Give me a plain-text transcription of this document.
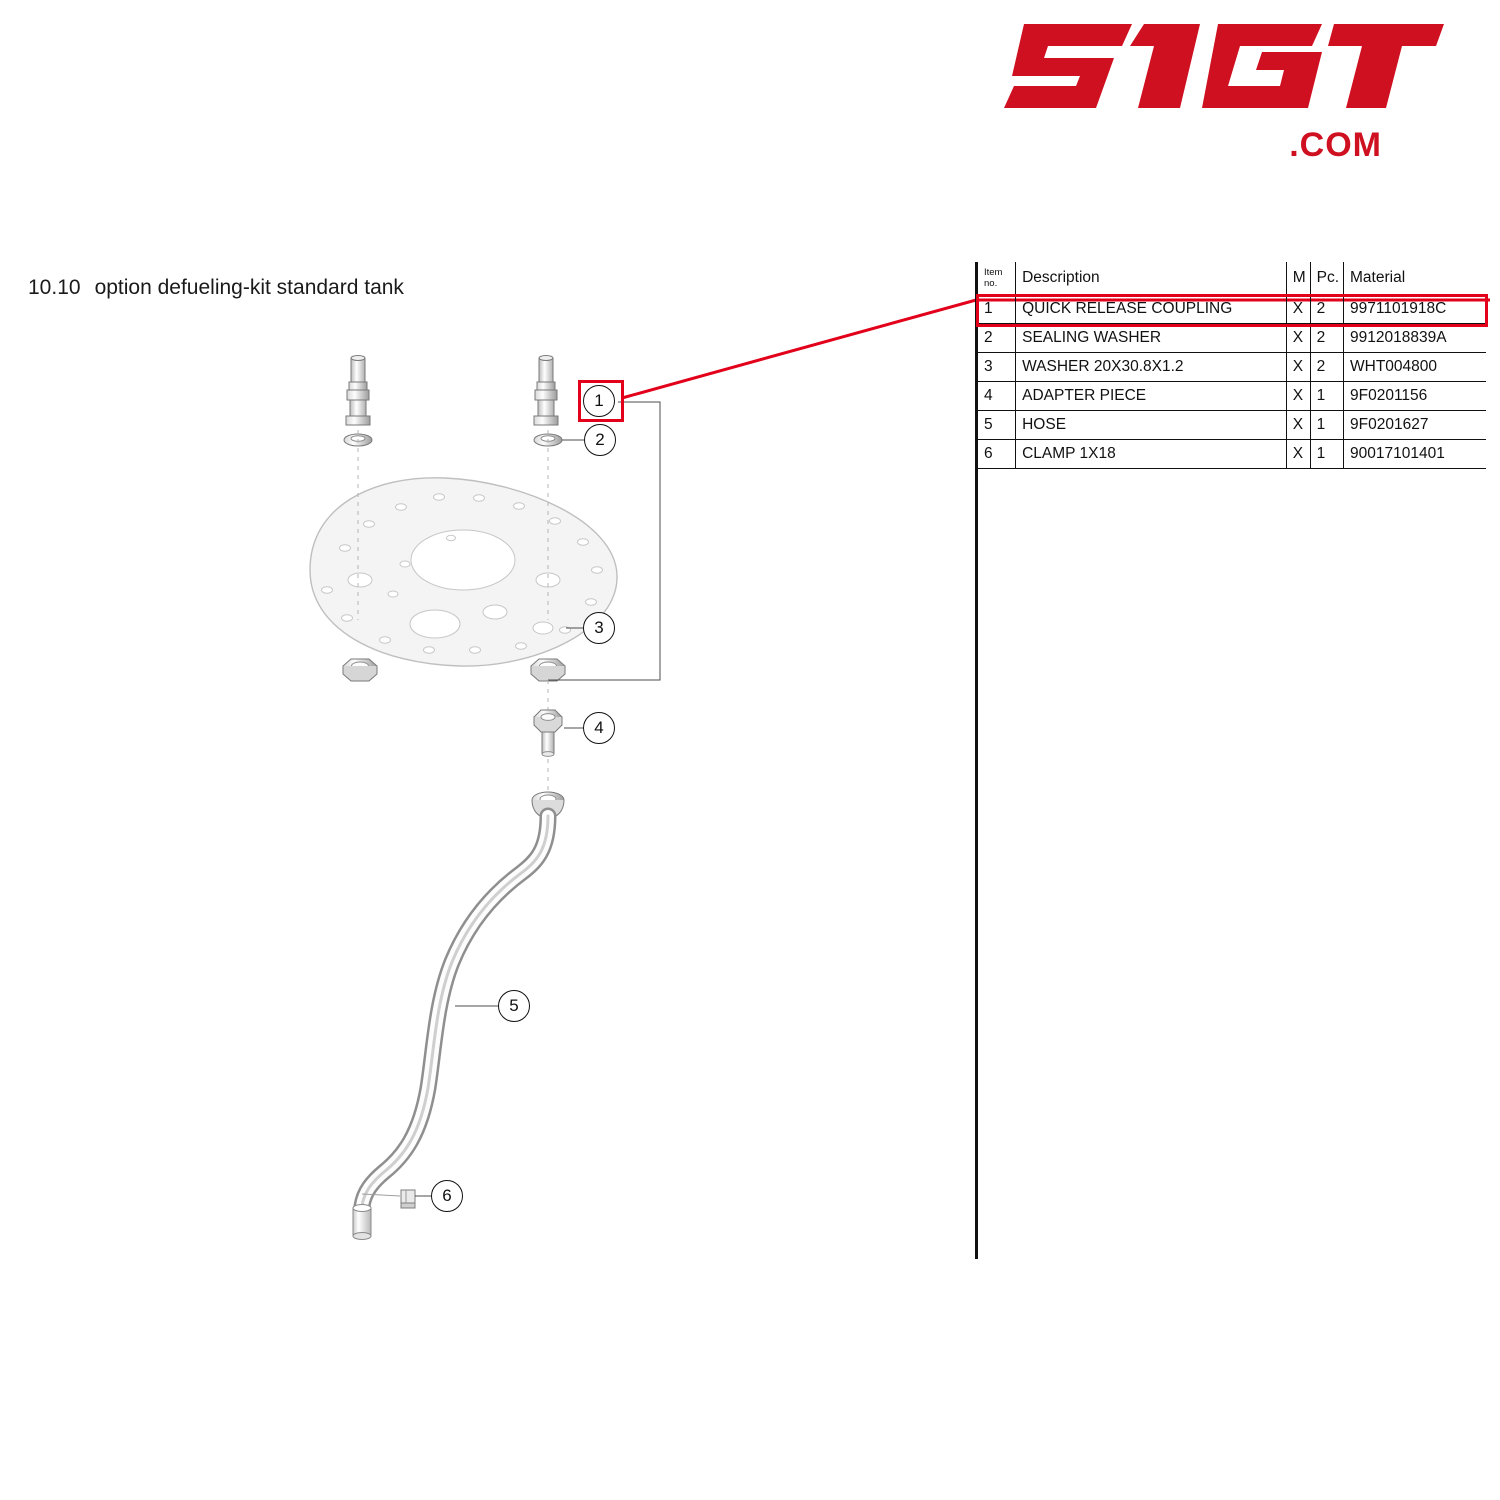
.COM
10.10 option defueling-kit standard tank
1
2
3
4
5
6
Item no.	Description	M	Pc.	Material
1	QUICK RELEASE COUPLING	X	2	9971101918C
2	SEALING WASHER	X	2	9912018839A
3	WASHER 20X30.8X1.2	X	2	WHT004800
4	ADAPTER PIECE	X	1	9F0201156
5	HOSE	X	1	9F0201627
6	CLAMP 1X18	X	1	90017101401
